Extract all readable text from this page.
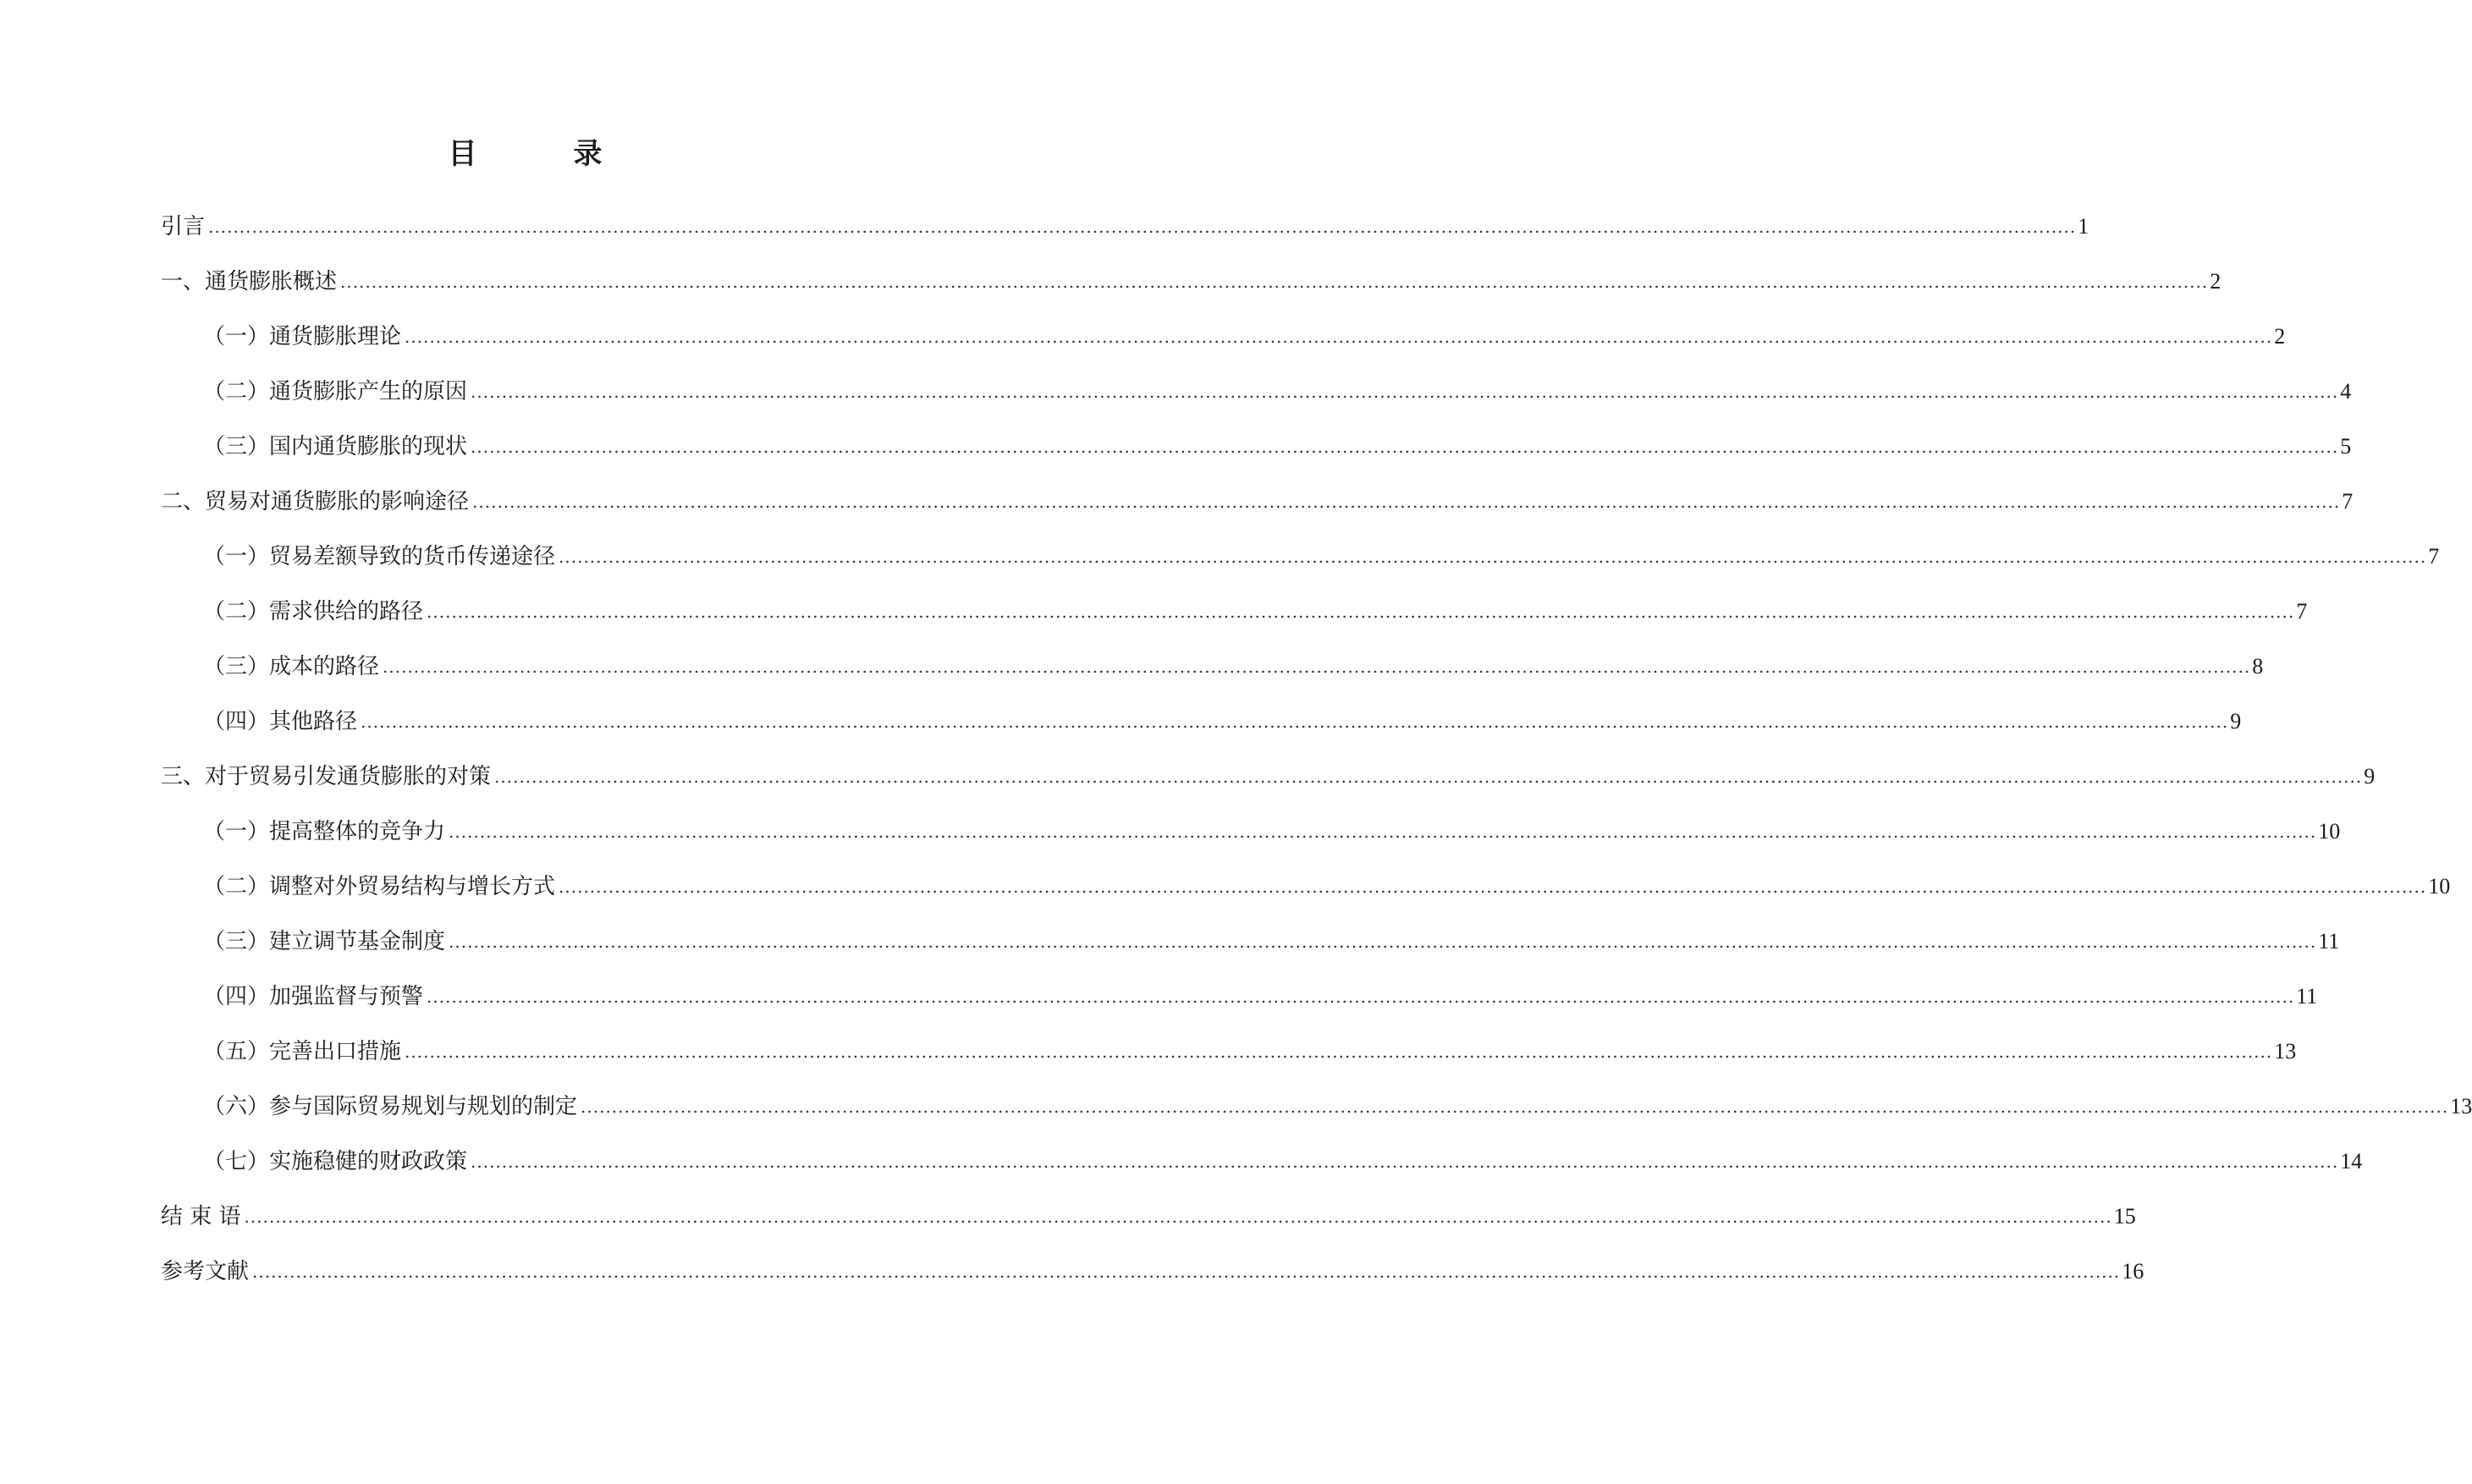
目　录
引言 ............................................................................................................................................................................................................................................................................................................ 1
一、通货膨胀概述 ............................................................................................................................................................................................................................................................................................................ 2
（一）通货膨胀理论 ............................................................................................................................................................................................................................................................................................................ 2
（二）通货膨胀产生的原因 ............................................................................................................................................................................................................................................................................................................ 4
（三）国内通货膨胀的现状 ............................................................................................................................................................................................................................................................................................................ 5
二、贸易对通货膨胀的影响途径 ............................................................................................................................................................................................................................................................................................................ 7
（一）贸易差额导致的货币传递途径 ............................................................................................................................................................................................................................................................................................................ 7
（二）需求供给的路径 ............................................................................................................................................................................................................................................................................................................ 7
（三）成本的路径 ............................................................................................................................................................................................................................................................................................................ 8
（四）其他路径 ............................................................................................................................................................................................................................................................................................................ 9
三、对于贸易引发通货膨胀的对策 ............................................................................................................................................................................................................................................................................................................ 9
（一）提高整体的竞争力 ............................................................................................................................................................................................................................................................................................................ 10
（二）调整对外贸易结构与增长方式 ............................................................................................................................................................................................................................................................................................................ 10
（三）建立调节基金制度 ............................................................................................................................................................................................................................................................................................................ 11
（四）加强监督与预警 ............................................................................................................................................................................................................................................................................................................ 11
（五）完善出口措施 ............................................................................................................................................................................................................................................................................................................ 13
（六）参与国际贸易规划与规划的制定 ............................................................................................................................................................................................................................................................................................................ 13
（七）实施稳健的财政政策 ............................................................................................................................................................................................................................................................................................................ 14
结 束 语 ............................................................................................................................................................................................................................................................................................................ 15
参考文献 ............................................................................................................................................................................................................................................................................................................ 16
